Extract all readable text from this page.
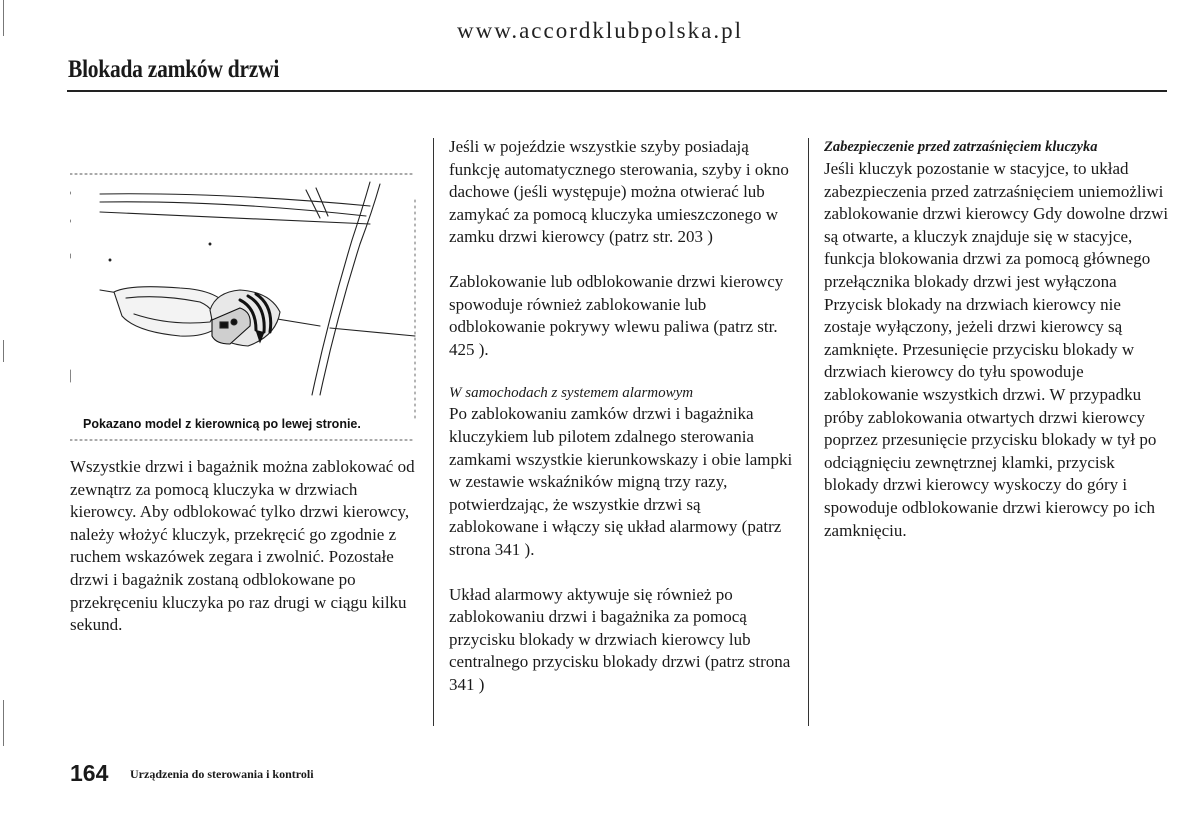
www.accordklubpolska.pl
Blokada zamków drzwi
Pokazano model z kierownicą po lewej stronie.

Wszystkie drzwi i bagażnik można zablokować od zewnątrz za pomocą kluczyka w drzwiach kierowcy. Aby odblokować tylko drzwi kierowcy, należy włożyć kluczyk, przekręcić go zgodnie z ruchem wskazówek zegara i zwolnić. Pozostałe drzwi i bagażnik zostaną odblokowane po przekręceniu kluczyka po raz drugi w ciągu kilku sekund.

Jeśli w pojeździe wszystkie szyby posiadają funkcję automatycznego sterowania, szyby i okno dachowe (jeśli występuje) można otwierać lub zamykać za pomocą kluczyka umieszczonego w zamku drzwi kierowcy (patrz str. 203 )

Zablokowanie lub odblokowanie drzwi kierowcy spowoduje również zablokowanie lub odblokowanie pokrywy wlewu paliwa (patrz str. 425 ).

W samochodach z systemem alarmowym
Po zablokowaniu zamków drzwi i bagażnika kluczykiem lub pilotem zdalnego sterowania zamkami wszystkie kierunkowskazy i obie lampki w zestawie wskaźników migną trzy razy, potwierdzając, że wszystkie drzwi są zablokowane i włączy się układ alarmowy (patrz strona 341 ).

Układ alarmowy aktywuje się również po zablokowaniu drzwi i bagażnika za pomocą przycisku blokady w drzwiach kierowcy lub centralnego przycisku blokady drzwi (patrz strona 341 )

Zabezpieczenie przed zatrzaśnięciem kluczyka

Jeśli kluczyk pozostanie w stacyjce, to układ zabezpieczenia przed zatrzaśnięciem uniemożliwi zablokowanie drzwi kierowcy Gdy dowolne drzwi są otwarte, a kluczyk znajduje się w stacyjce, funkcja blokowania drzwi za pomocą głównego przełącznika blokady drzwi jest wyłączona Przycisk blokady na drzwiach kierowcy nie zostaje wyłączony, jeżeli drzwi kierowcy są zamknięte. Przesunięcie przycisku blokady w drzwiach kierowcy do tyłu spowoduje zablokowanie wszystkich drzwi. W przypadku próby zablokowania otwartych drzwi kierowcy poprzez przesunięcie przycisku blokady w tył po odciągnięciu zewnętrznej klamki, przycisk blokady drzwi kierowcy wyskoczy do góry i spowoduje odblokowanie drzwi kierowcy po ich zamknięciu.

164 Urządzenia do sterowania i kontroli
